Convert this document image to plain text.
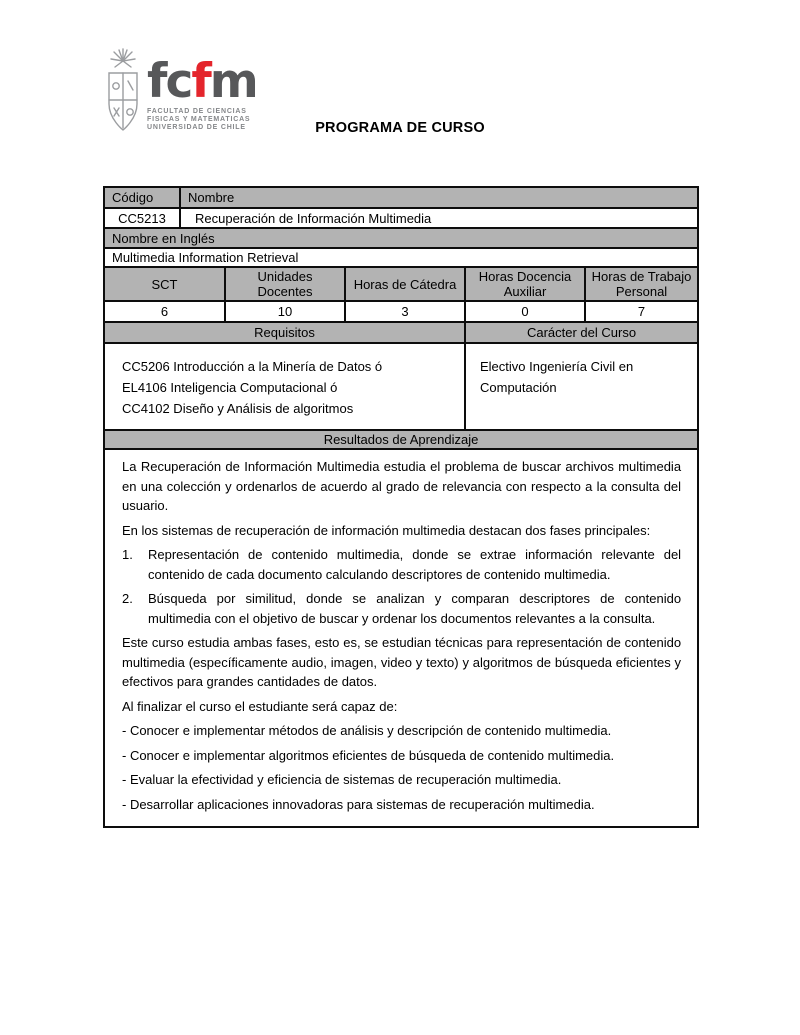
fcfm
FACULTAD DE CIENCIAS
FISICAS Y MATEMATICAS
UNIVERSIDAD DE CHILE	PROGRAMA DE CURSO
Código	Nombre				
CC5213	Recuperación de Información Multimedia				
Nombre en Inglés					
Multimedia Information Retrieval					
SCT		Unidades Docentes	Horas de Cátedra	Horas Docencia Auxiliar	Horas de Trabajo Personal
6		10	3	0	7
Requisitos				Carácter del Curso	

CC5206 Introducción a la Minería de Datos ó
EL4106 Inteligencia Computacional ó
CC4102 Diseño y Análisis de algoritmos				Electivo Ingeniería Civil en Computación	
Resultados de Aprendizaje					

La Recuperación de Información Multimedia estudia el problema de buscar archivos multimedia en una colección y ordenarlos de acuerdo al grado de relevancia con respecto a la consulta del usuario.

En los sistemas de recuperación de información multimedia destacan dos fases principales:

1.	Representación de contenido multimedia, donde se extrae información relevante del contenido de cada documento calculando descriptores de contenido multimedia.
2.	Búsqueda por similitud, donde se analizan y comparan descriptores de contenido multimedia con el objetivo de buscar y ordenar los documentos relevantes a la consulta.

Este curso estudia ambas fases, esto es, se estudian técnicas para representación de contenido multimedia (específicamente audio, imagen, video y texto) y algoritmos de búsqueda eficientes y efectivos para grandes cantidades de datos.

Al finalizar el curso el estudiante será capaz de:

- Conocer e implementar métodos de análisis y descripción de contenido multimedia.

- Conocer e implementar algoritmos eficientes de búsqueda de contenido multimedia.

- Evaluar la efectividad y eficiencia de sistemas de recuperación multimedia.

- Desarrollar aplicaciones innovadoras para sistemas de recuperación multimedia.
